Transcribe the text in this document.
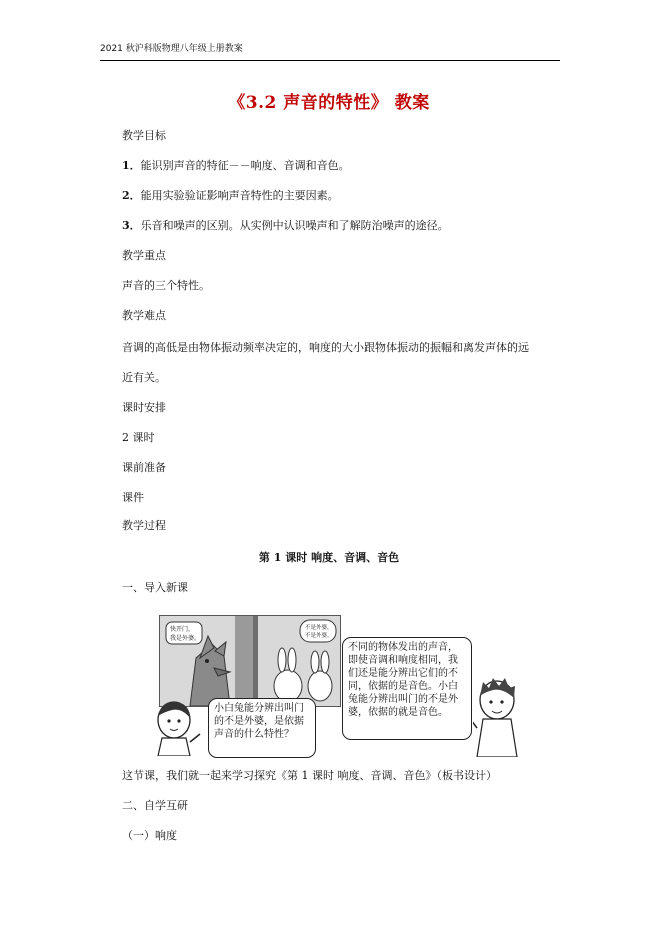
2021 秋沪科版物理八年级上册教案
《3.2 声音的特性》 教案
教学目标
1．能识别声音的特征－－响度、音调和音色。
2．能用实验验证影响声音特性的主要因素。
3．乐音和噪声的区别。从实例中认识噪声和了解防治噪声的途径。
教学重点
声音的三个特性。
教学难点
音调的高低是由物体振动频率决定的，响度的大小跟物体振动的振幅和离发声体的远
近有关。
课时安排
2 课时
课前准备
课件
教学过程
第 1 课时 响度、音调、音色
一、导入新课
快开门， 我是外婆。
不是外婆， 不是外婆。
小白兔能分辨出叫门的不是外婆，是依据声音的什么特性？
不同的物体发出的声音，即使音调和响度相同，我们还是能分辨出它们的不同，依据的是音色。小白兔能分辨出叫门的不是外婆，依据的就是音色。
这节课，我们就一起来学习探究《第 1 课时 响度、音调、音色》（板书设计）
二、自学互研
（一）响度
